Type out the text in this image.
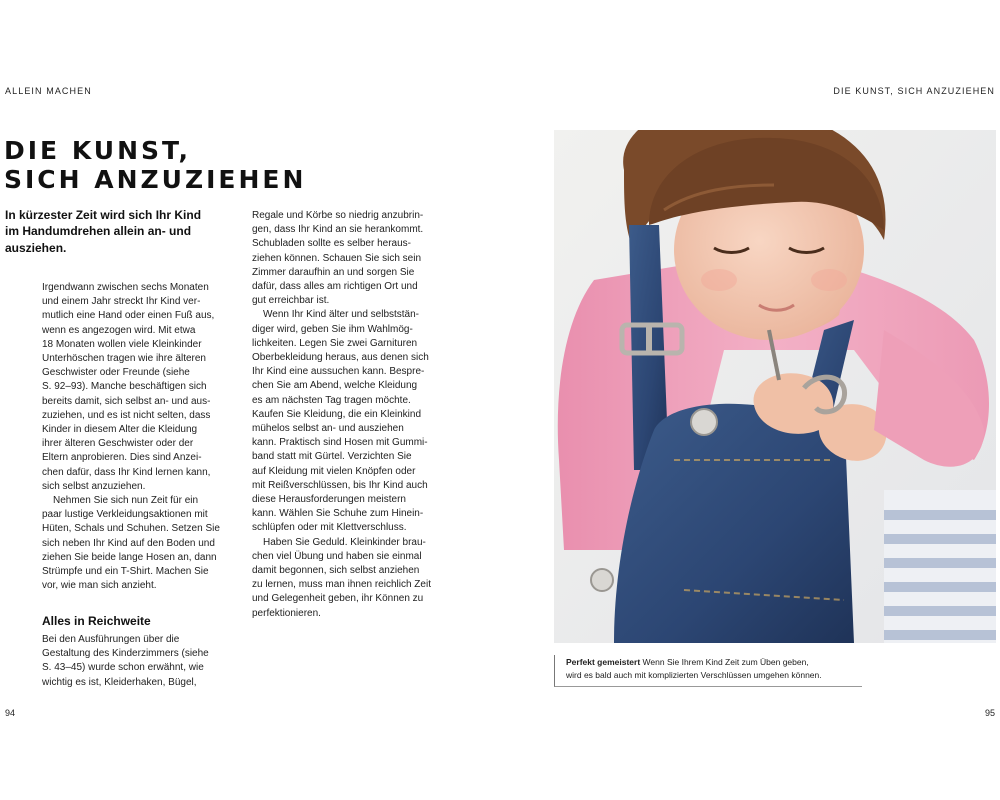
ALLEIN MACHEN	DIE KUNST, SICH ANZUZIEHEN
DIE KUNST,
SICH ANZUZIEHEN
In kürzester Zeit wird sich Ihr Kind
im Handumdrehen allein an- und
ausziehen.
Irgendwann zwischen sechs Monaten
und einem Jahr streckt Ihr Kind ver-
mutlich eine Hand oder einen Fuß aus,
wenn es angezogen wird. Mit etwa
18 Monaten wollen viele Kleinkinder
Unterhöschen tragen wie ihre älteren
Geschwister oder Freunde (siehe
S. 92–93). Manche beschäftigen sich
bereits damit, sich selbst an- und aus-
zuziehen, und es ist nicht selten, dass
Kinder in diesem Alter die Kleidung
ihrer älteren Geschwister oder der
Eltern anprobieren. Dies sind Anzei-
chen dafür, dass Ihr Kind lernen kann,
sich selbst anzuziehen.
Nehmen Sie sich nun Zeit für ein
paar lustige Verkleidungsaktionen mit
Hüten, Schals und Schuhen. Setzen Sie
sich neben Ihr Kind auf den Boden und
ziehen Sie beide lange Hosen an, dann
Strümpfe und ein T-Shirt. Machen Sie
vor, wie man sich anzieht.
Alles in Reichweite
Bei den Ausführungen über die
Gestaltung des Kinderzimmers (siehe
S. 43–45) wurde schon erwähnt, wie
wichtig es ist, Kleiderhaken, Bügel,
Regale und Körbe so niedrig anzubrin-
gen, dass Ihr Kind an sie herankommt.
Schubladen sollte es selber heraus-
ziehen können. Schauen Sie sich sein
Zimmer daraufhin an und sorgen Sie
dafür, dass alles am richtigen Ort und
gut erreichbar ist.
Wenn Ihr Kind älter und selbststän-
diger wird, geben Sie ihm Wahlmög-
lichkeiten. Legen Sie zwei Garnituren
Oberbekleidung heraus, aus denen sich
Ihr Kind eine aussuchen kann. Bespre-
chen Sie am Abend, welche Kleidung
es am nächsten Tag tragen möchte.
Kaufen Sie Kleidung, die ein Kleinkind
mühelos selbst an- und ausziehen
kann. Praktisch sind Hosen mit Gummi-
band statt mit Gürtel. Verzichten Sie
auf Kleidung mit vielen Knöpfen oder
mit Reißverschlüssen, bis Ihr Kind auch
diese Herausforderungen meistern
kann. Wählen Sie Schuhe zum Hinein-
schlüpfen oder mit Klettverschluss.
Haben Sie Geduld. Kleinkinder brau-
chen viel Übung und haben sie einmal
damit begonnen, sich selbst anziehen
zu lernen, muss man ihnen reichlich Zeit
und Gelegenheit geben, ihr Können zu
perfektionieren.
Perfekt gemeistert Wenn Sie Ihrem Kind Zeit zum Üben geben,
wird es bald auch mit komplizierten Verschlüssen umgehen können.
94	95
